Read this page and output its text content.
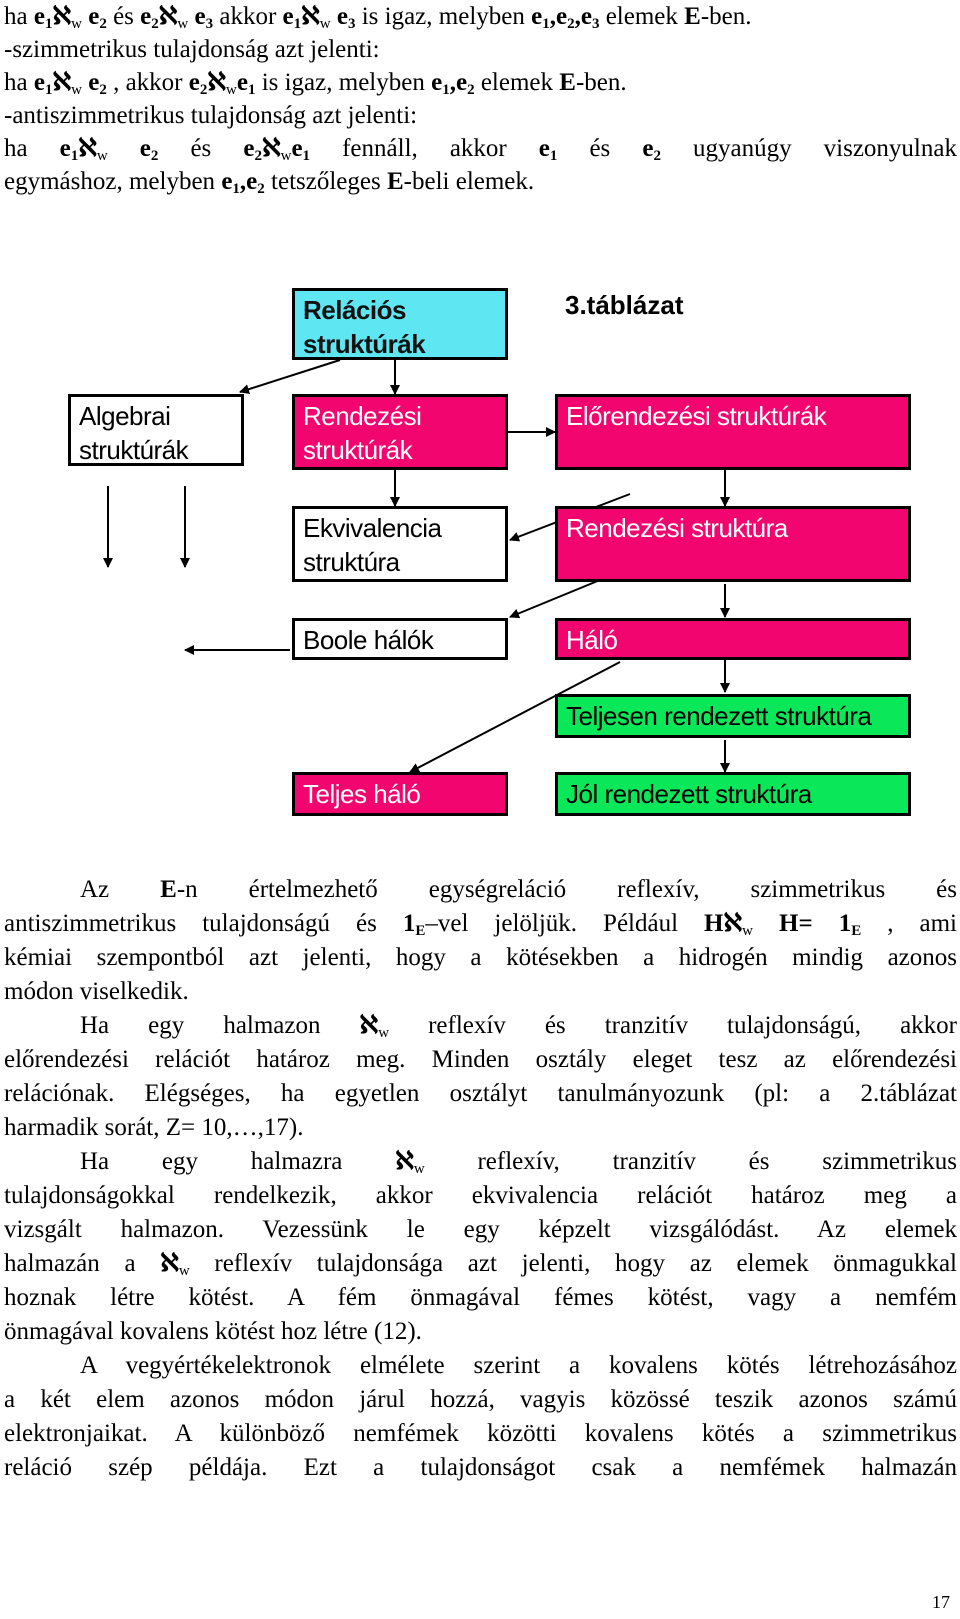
ha $e_1ℵ_w$ $e_2$ és $e_2ℵ_w$ $e_3$ akkor $e_1ℵ_w$ $e_3$ is igaz, melyben $e_1,e_2,e_3$ elemek E-ben.
-szimmetrikus tulajdonság azt jelenti:
ha $e_1ℵ_w$ $e_2$ , akkor $e_2ℵ_we_1$ is igaz, melyben $e_1,e_2$ elemek E-ben.
-antiszimmetrikus tulajdonság azt jelenti:
ha $e_1ℵ_w$ $e_2$ és $e_2ℵ_we_1$ fennáll, akkor $e_1$ és $e_2$ ugyanúgy viszonyulnak
egymáshoz, melyben $e_1,e_2$ tetszőleges E-beli elemek.
Relációs struktúrák
3.táblázat
Algebrai struktúrák
Rendezési struktúrák
Előrendezési struktúrák
Ekvivalencia struktúra
Rendezési struktúra
Boole hálók	Háló
Teljesen rendezett struktúra
Teljes háló	Jól rendezett struktúra
Az E-n értelmezhető egységreláció reflexív, szimmetrikus és
antiszimmetrikus tulajdonságú és $1_E$–vel jelöljük. Például Hℵ$_w$ $H= 1_E$ , ami
kémiai szempontból azt jelenti, hogy a kötésekben a hidrogén mindig azonos
módon viselkedik.
Ha egy halmazon ℵ$_w$ reflexív és tranzitív tulajdonságú, akkor
előrendezési relációt határoz meg. Minden osztály eleget tesz az előrendezési
relációnak. Elégséges, ha egyetlen osztályt tanulmányozunk (pl: a 2.táblázat
harmadik sorát, Z= 10,…,17).
Ha egy halmazra ℵ$_w$ reflexív, tranzitív és szimmetrikus
tulajdonságokkal rendelkezik, akkor ekvivalencia relációt határoz meg a
vizsgált halmazon. Vezessünk le egy képzelt vizsgálódást. Az elemek
halmazán a ℵ$_w$ reflexív tulajdonsága azt jelenti, hogy az elemek önmagukkal
hoznak létre kötést. A fém önmagával fémes kötést, vagy a nemfém
önmagával kovalens kötést hoz létre (12).
A vegyértékelektronok elmélete szerint a kovalens kötés létrehozásához
a két elem azonos módon járul hozzá, vagyis közössé teszik azonos számú
elektronjaikat. A különböző nemfémek közötti kovalens kötés a szimmetrikus
reláció szép példája. Ezt a tulajdonságot csak a nemfémek halmazán
17
